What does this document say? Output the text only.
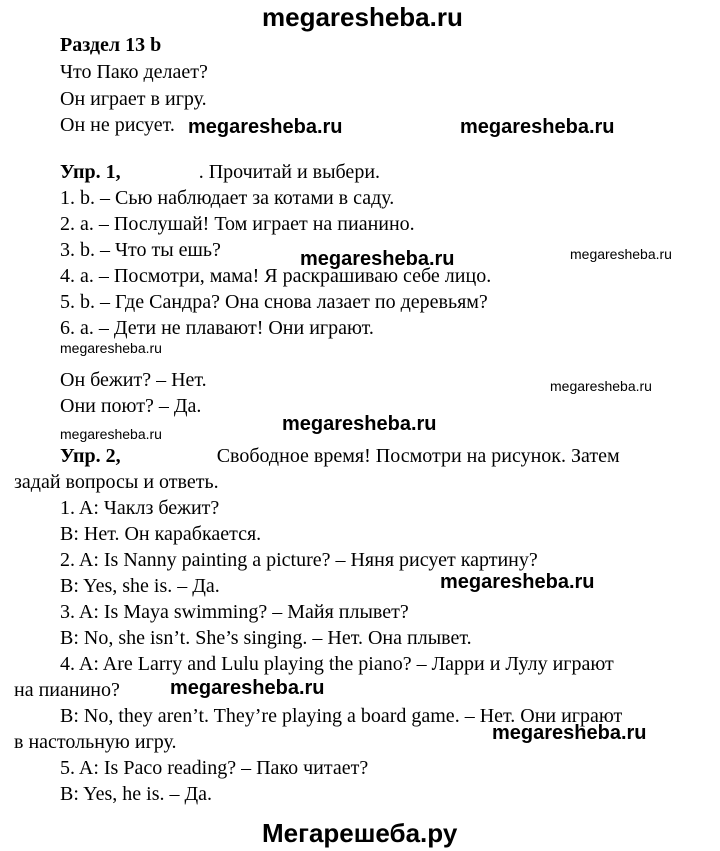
megaresheba.ru
Мегарешеба.ру
Раздел 13 b
Что Пако делает?
Он играет в игру.
Он не рисует.
Упр. 1,	. Прочитай и выбери.
1. b. – Сью наблюдает за котами в саду.
2. a. – Послушай! Том играет на пианино.
3. b. – Что ты ешь?
4. a. – Посмотри, мама! Я раскрашиваю себе лицо.
5. b. – Где Сандра? Она снова лазает по деревьям?
6. a. – Дети не плавают! Они играют.
Он бежит? – Нет.
Они поют? – Да.
Упр. 2,	Свободное время! Посмотри на рисунок. Затем
задай вопросы и ответь.
1. A: Чаклз бежит?
B: Нет. Он карабкается.
2. A: Is Nanny painting a picture? – Няня рисует картину?
B: Yes, she is. – Да.
3. A: Is Maya swimming? – Майя плывет?
B: No, she isn’t. She’s singing. – Нет. Она плывет.
4. A: Are Larry and Lulu playing the piano? – Ларри и Лулу играют
на пианино?
B: No, they aren’t. They’re playing a board game. – Нет. Они играют
в настольную игру.
5. A: Is Paco reading? – Пако читает?
B: Yes, he is. – Да.
megaresheba.ru	megaresheba.ru
megaresheba.ru	megaresheba.ru
megaresheba.ru
megaresheba.ru
megaresheba.ru
megaresheba.ru
megaresheba.ru
megaresheba.ru
megaresheba.ru
